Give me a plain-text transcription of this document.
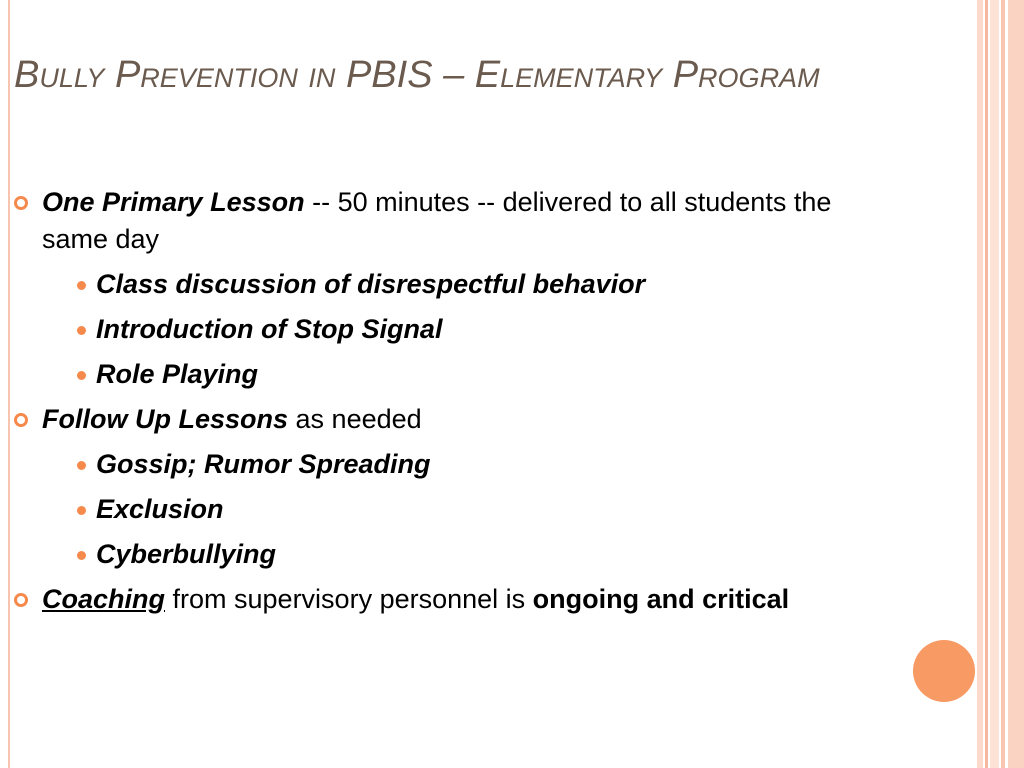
Bully Prevention in PBIS – Elementary Program
One Primary Lesson -- 50 minutes -- delivered to all students the same day
Class discussion of disrespectful behavior
Introduction of Stop Signal
Role Playing
Follow Up Lessons as needed
Gossip; Rumor Spreading
Exclusion
Cyberbullying
Coaching from supervisory personnel is ongoing and critical
